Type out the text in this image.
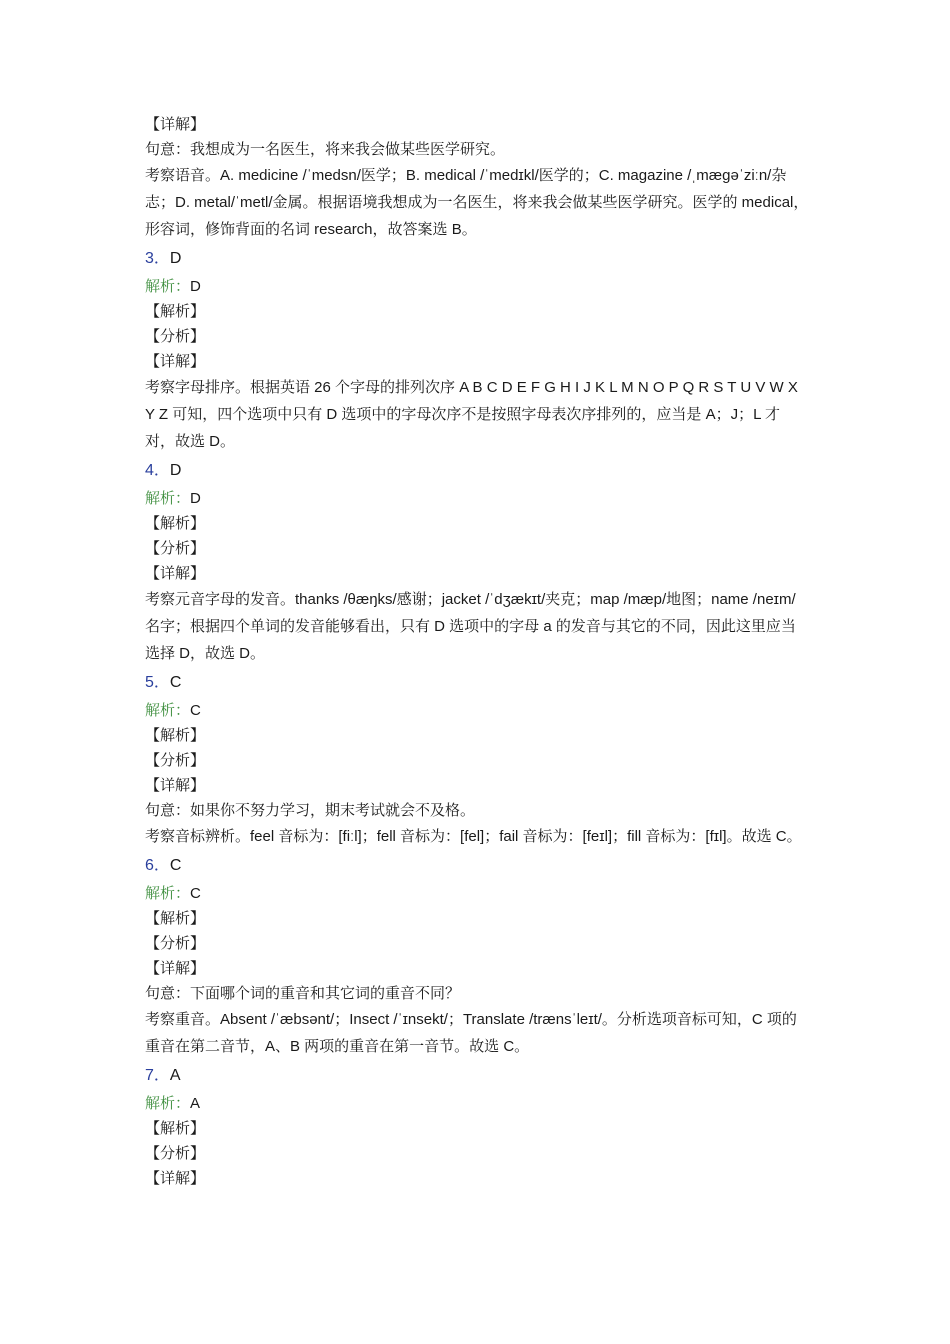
【详解】
句意：我想成为一名医生，将来我会做某些医学研究。
考察语音。A. medicine /ˈmedsn/医学；B. medical /ˈmedɪkl/医学的；C. magazine /ˌmæɡəˈziːn/杂志；D. metal/ˈmetl/金属。根据语境我想成为一名医生，将来我会做某些医学研究。医学的 medical，形容词，修饰背面的名词 research，故答案选 B。
3．D
解析：D
【解析】
【分析】
【详解】
考察字母排序。根据英语 26 个字母的排列次序 A B C D E F G H I J K L M N O P Q R S T U V W X Y Z 可知，四个选项中只有 D 选项中的字母次序不是按照字母表次序排列的，应当是 A；J；L 才对，故选 D。
4．D
解析：D
【解析】
【分析】
【详解】
考察元音字母的发音。thanks /θæŋks/感谢；jacket /ˈdʒækɪt/夹克；map /mæp/地图；name /neɪm/名字；根据四个单词的发音能够看出，只有 D 选项中的字母 a 的发音与其它的不同，因此这里应当选择 D，故选 D。
5．C
解析：C
【解析】
【分析】
【详解】
句意：如果你不努力学习，期末考试就会不及格。
考察音标辨析。feel 音标为：[fiːl]；fell 音标为：[fel]；fail 音标为：[feɪl]；fill 音标为：[fɪl]。故选 C。
6．C
解析：C
【解析】
【分析】
【详解】
句意：下面哪个词的重音和其它词的重音不同？
考察重音。Absent /ˈæbsənt/；Insect /ˈɪnsekt/；Translate /trænsˈleɪt/。分析选项音标可知，C 项的重音在第二音节，A、B 两项的重音在第一音节。故选 C。
7．A
解析：A
【解析】
【分析】
【详解】
